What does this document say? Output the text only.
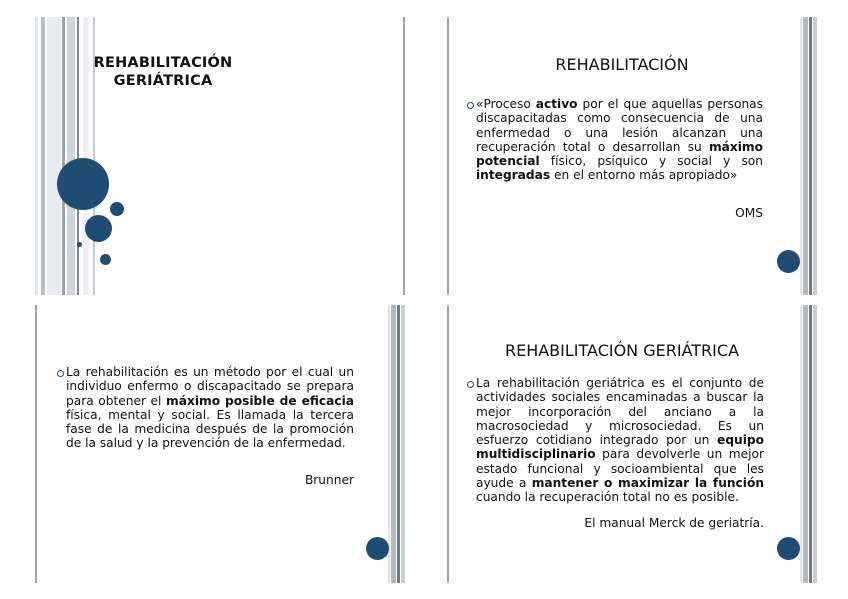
REHABILITACIÓN GERIÁTRICA
REHABILITACIÓN

«Proceso activo por el que aquellas personas discapacitadas como consecuencia de una enfermedad o una lesión alcanzan una recuperación total o desarrollan su máximo potencial físico, psíquico y social y son integradas en el entorno más apropiado»

OMS

La rehabilitación es un método por el cual un individuo enfermo o discapacitado se prepara para obtener el máximo posible de eficacia física, mental y social. Es llamada la tercera fase de la medicina después de la promoción de la salud y la prevención de la enfermedad.

Brunner

REHABILITACIÓN GERIÁTRICA

La rehabilitación geriátrica es el conjunto de actividades sociales encaminadas a buscar la mejor incorporación del anciano a la macrosociedad y microsociedad. Es un esfuerzo cotidiano integrado por un equipo multidisciplinario para devolverle un mejor estado funcional y socioambiental que les ayude a mantener o maximizar la función cuando la recuperación total no es posible.

El manual Merck de geriatría.
